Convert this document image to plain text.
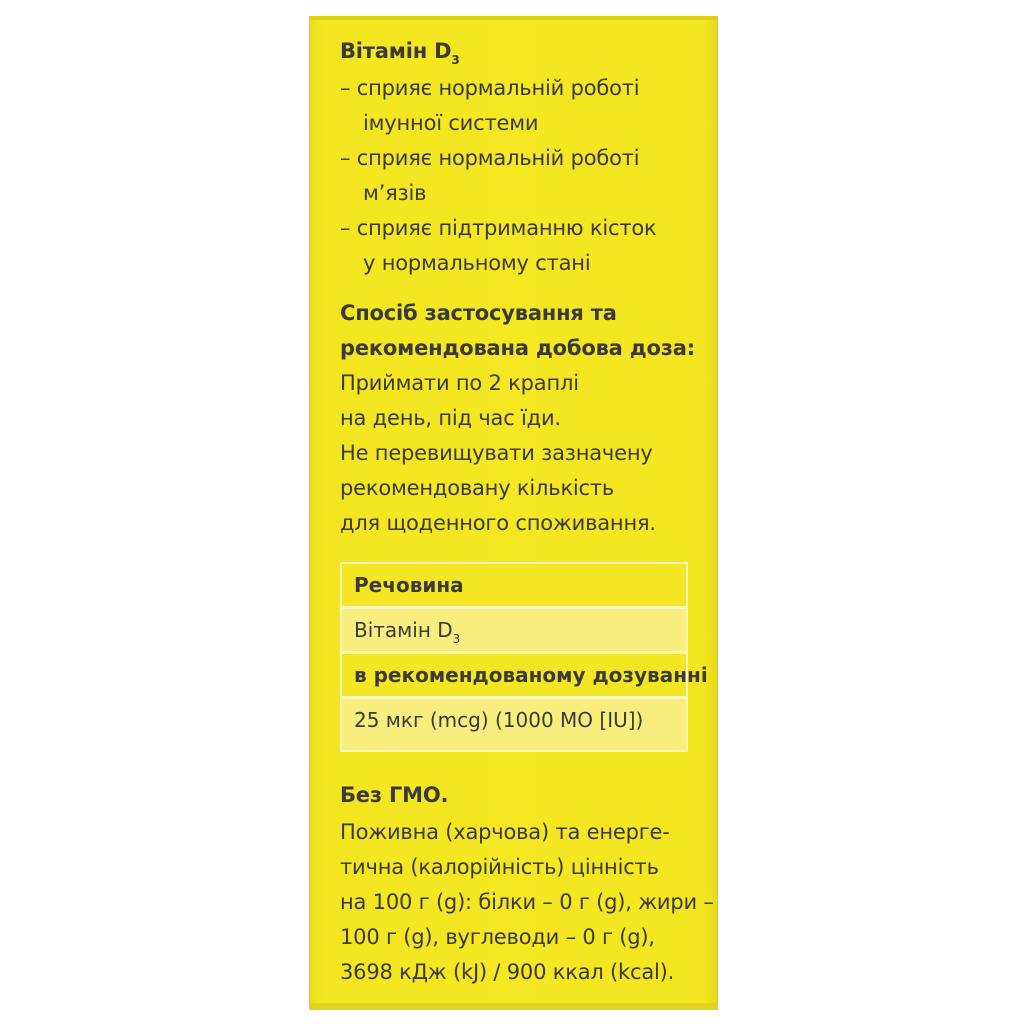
Вітамін $D_3$
– сприяє нормальній роботі
імунної системи
– сприяє нормальній роботі
м’язів
– сприяє підтриманню кісток
у нормальному стані
Спосіб застосування та
рекомендована добова доза:
Приймати по 2 краплі
на день, під час їди.
Не перевищувати зазначену
рекомендовану кількість
для щоденного споживання.
Речовина
Вітамін $D_3$
в рекомендованому дозуванні
25 мкг (mcg) (1000 МО [IU])
Без ГМО.
Поживна (харчова) та енерге-
тична (калорійність) цінність
на 100 г (g): білки – 0 г (g), жири –
100 г (g), вуглеводи – 0 г (g),
3698 кДж (kJ) / 900 ккал (kcal).
